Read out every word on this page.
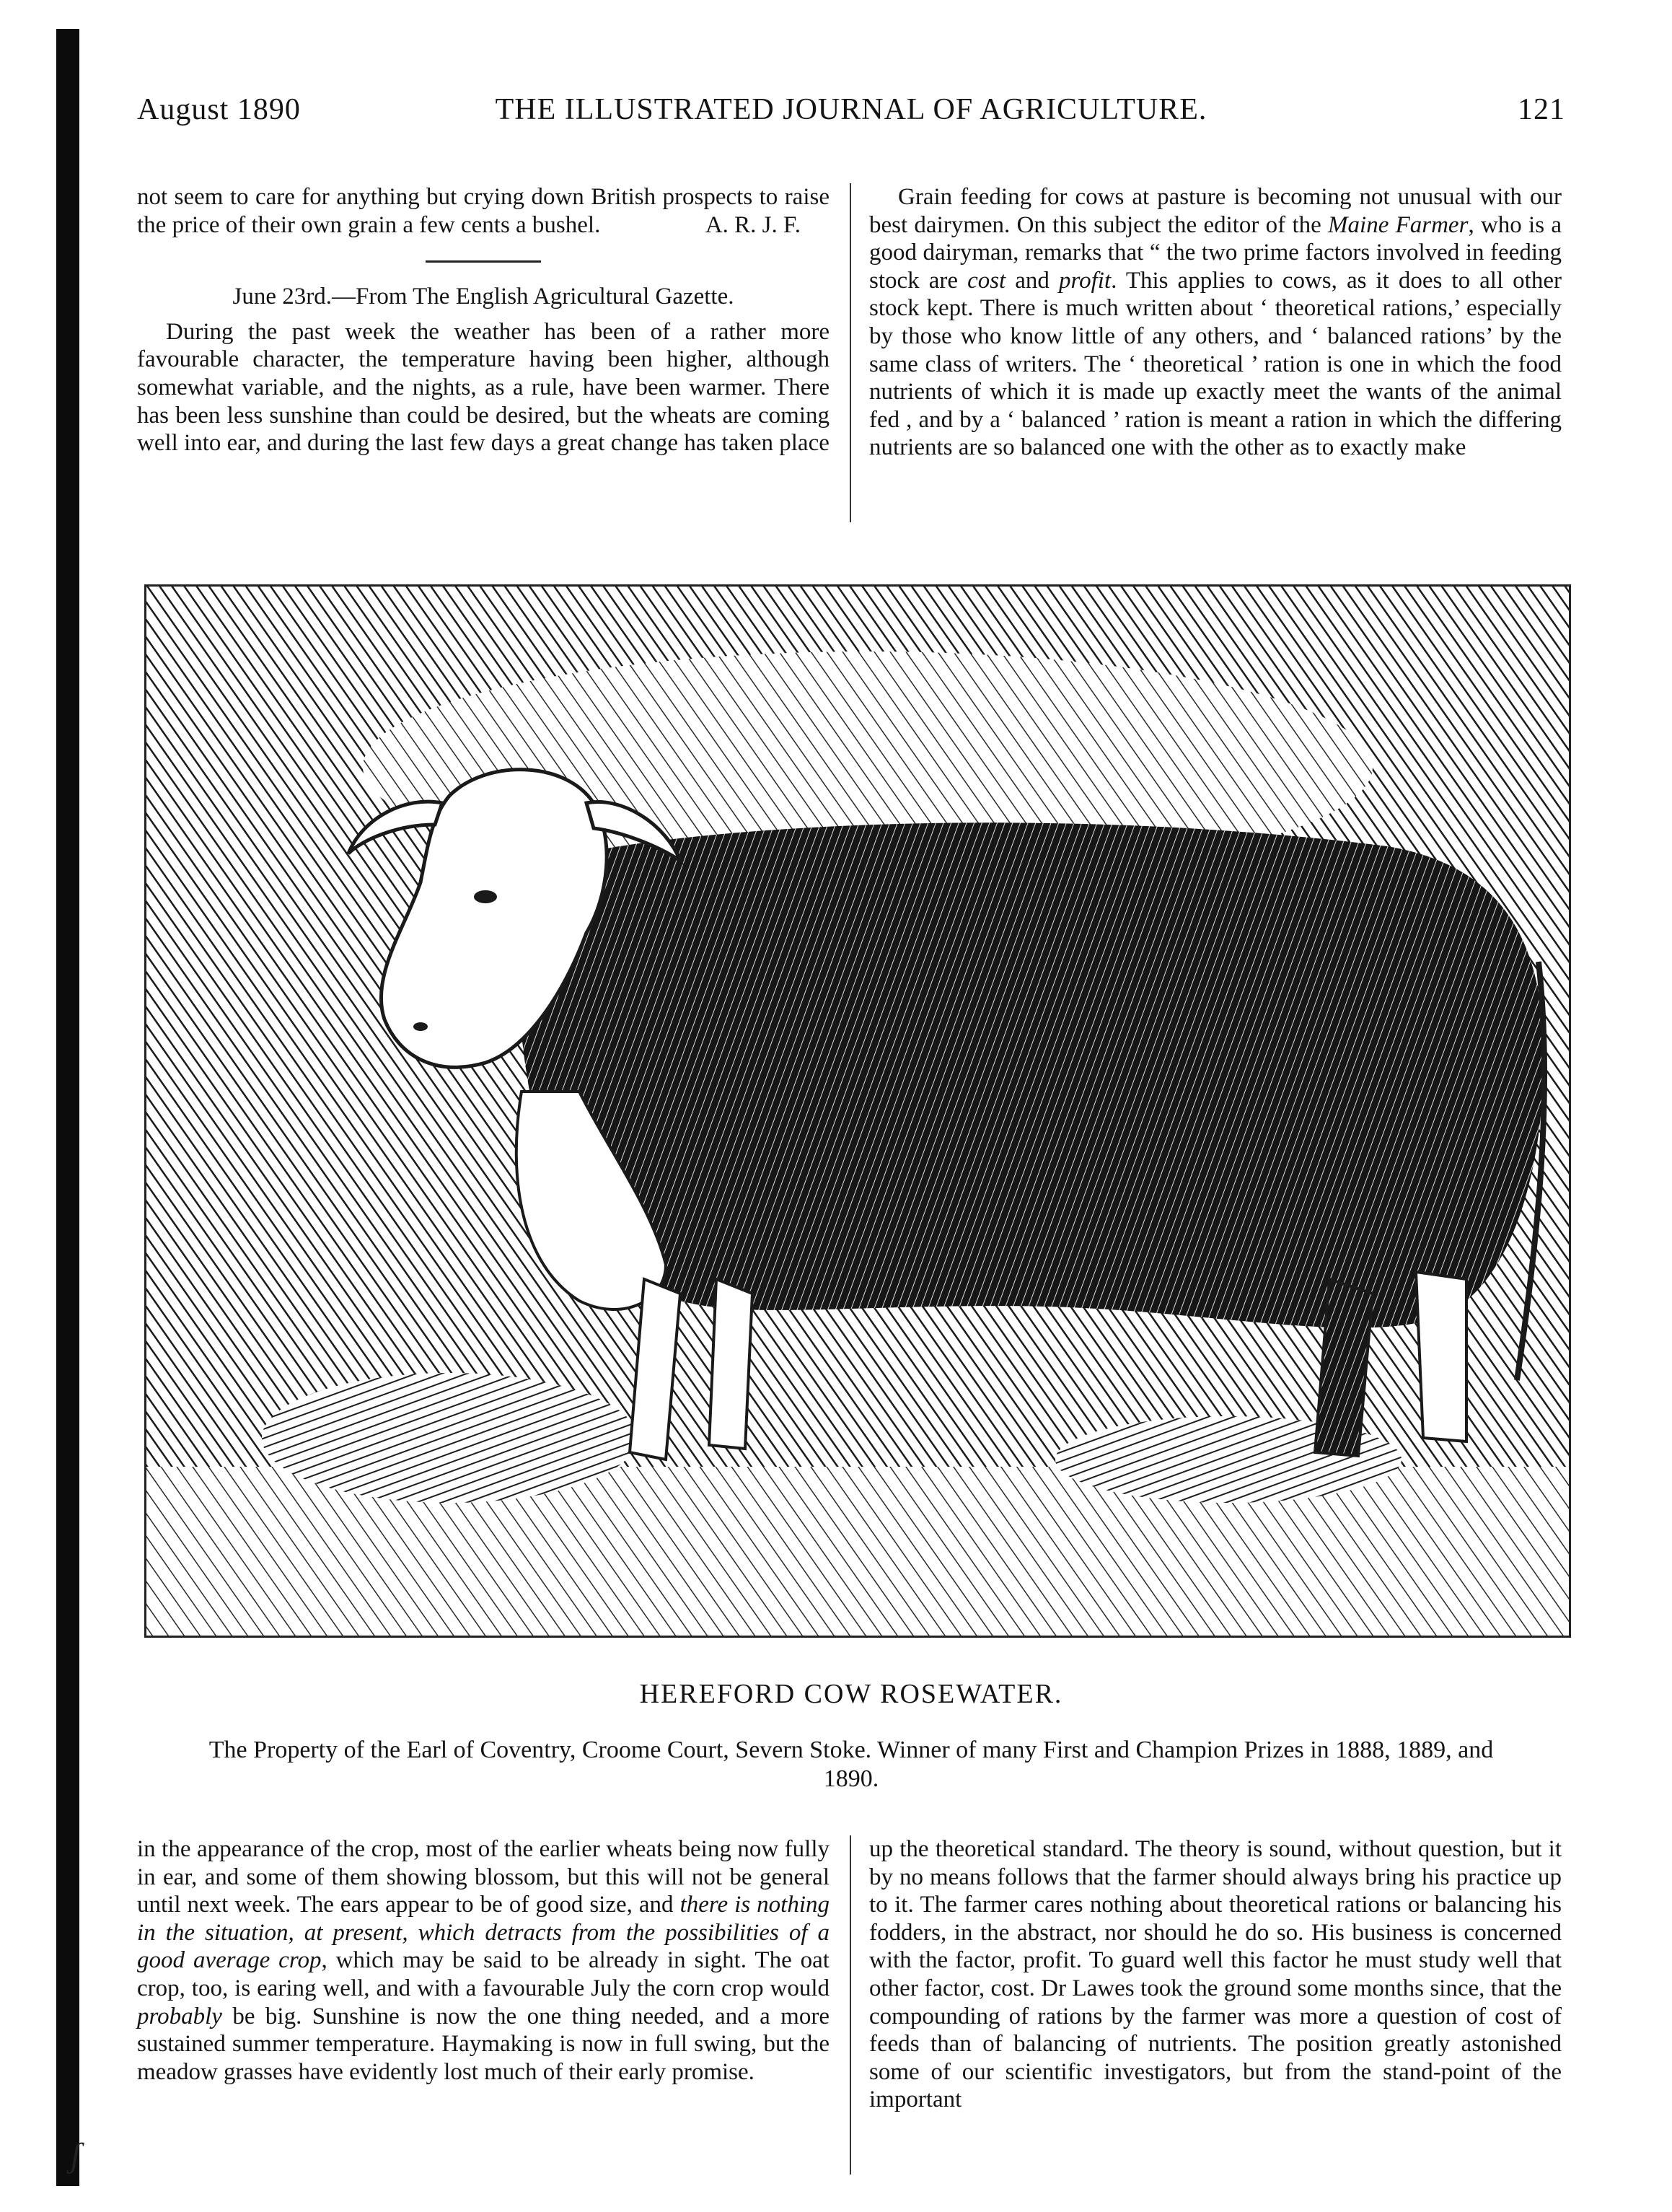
August 1890	THE ILLUSTRATED JOURNAL OF AGRICULTURE.	121

not seem to care for anything but crying down British prospects to raise the price of their own grain a few cents a bushel.	A. R. J. F.

June 23rd.—From The English Agricultural Gazette.

During the past week the weather has been of a rather more favourable character, the temperature having been higher, although somewhat variable, and the nights, as a rule, have been warmer. There has been less sunshine than could be desired, but the wheats are coming well into ear, and during the last few days a great change has taken place

Grain feeding for cows at pasture is becoming not unusual with our best dairymen. On this subject the editor of the Maine Farmer, who is a good dairyman, remarks that “ the two prime factors involved in feeding stock are cost and profit. This applies to cows, as it does to all other stock kept. There is much written about ‘ theoretical rations,’ especially by those who know little of any others, and ‘ balanced rations’ by the same class of writers. The ‘ theoretical ’ ration is one in which the food nutrients of which it is made up exactly meet the wants of the animal fed , and by a ‘ balanced ’ ration is meant a ration in which the differing nutrients are so balanced one with the other as to exactly make

HEREFORD COW ROSEWATER.
The Property of the Earl of Coventry, Croome Court, Severn Stoke. Winner of many First and Champion Prizes in 1888, 1889, and 1890.

in the appearance of the crop, most of the earlier wheats being now fully in ear, and some of them showing blossom, but this will not be general until next week. The ears appear to be of good size, and there is nothing in the situation, at present, which detracts from the possibilities of a good average crop, which may be said to be already in sight. The oat crop, too, is earing well, and with a favourable July the corn crop would probably be big. Sunshine is now the one thing needed, and a more sustained summer temperature. Haymaking is now in full swing, but the meadow grasses have evidently lost much of their early promise.

up the theoretical standard. The theory is sound, without question, but it by no means follows that the farmer should always bring his practice up to it. The farmer cares nothing about theoretical rations or balancing his fodders, in the abstract, nor should he do so. His business is concerned with the factor, profit. To guard well this factor he must study well that other factor, cost. Dr Lawes took the ground some months since, that the compounding of rations by the farmer was more a question of cost of feeds than of balancing of nutrients. The position greatly astonished some of our scientific investigators, but from the stand-point of the important

ʃ
